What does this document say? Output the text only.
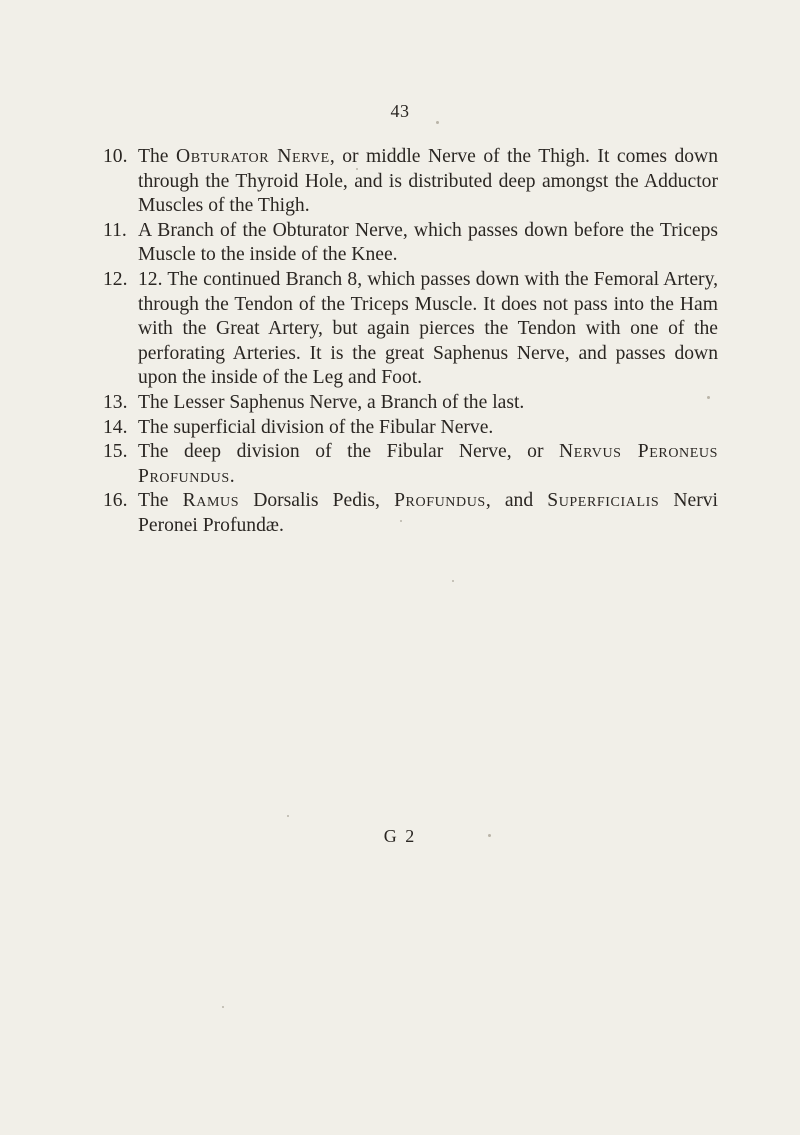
43
10. The Obturator Nerve, or middle Nerve of the Thigh. It comes down through the Thyroid Hole, and is distributed deep amongst the Adductor Muscles of the Thigh.
11. A Branch of the Obturator Nerve, which passes down before the Triceps Muscle to the inside of the Knee.
12. 12. The continued Branch 8, which passes down with the Femoral Artery, through the Tendon of the Triceps Muscle. It does not pass into the Ham with the Great Artery, but again pierces the Tendon with one of the perforating Arteries. It is the great Saphenus Nerve, and passes down upon the inside of the Leg and Foot.
13. The Lesser Saphenus Nerve, a Branch of the last.
14. The superficial division of the Fibular Nerve.
15. The deep division of the Fibular Nerve, or Nervus Peroneus Profundus.
16. The Ramus Dorsalis Pedis, Profundus, and Superficialis Nervi Peronei Profundæ.
G 2
